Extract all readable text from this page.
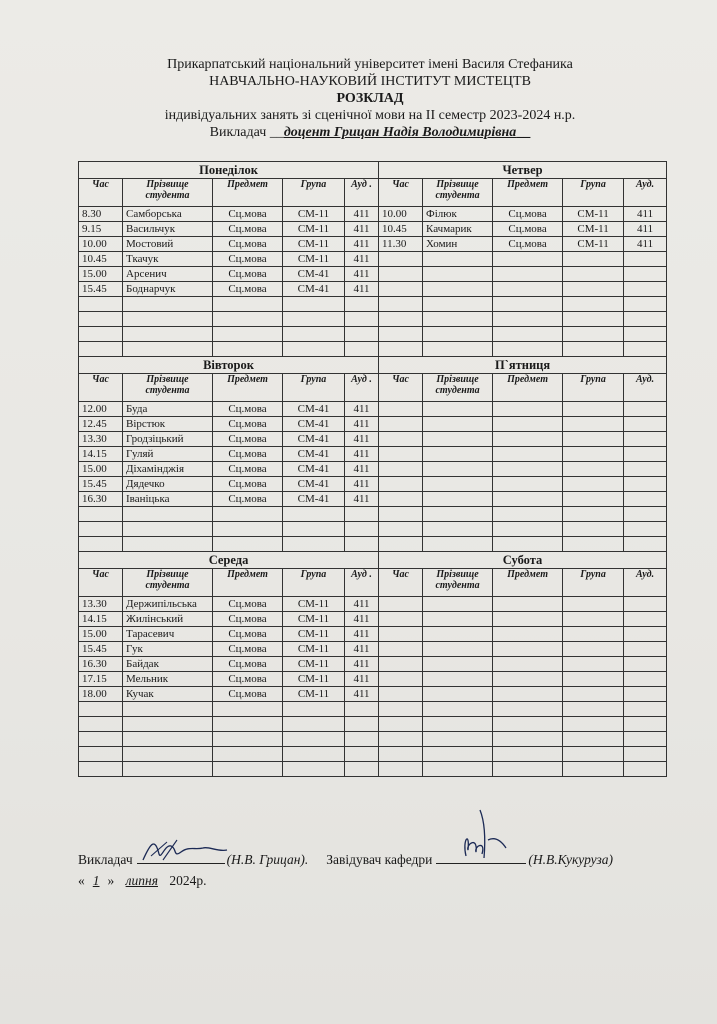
Прикарпатський національний університет імені Василя Стефаника
НАВЧАЛЬНО-НАУКОВИЙ ІНСТИТУТ МИСТЕЦТВ
РОЗКЛАД
індивідуальних занять зі сценічної мови на ІІ семестр 2023-2024 н.р.
Викладач __доцент Грицан Надія Володимирівна__
Понеділок					Четвер				
Час	Прізвище студента	Предмет	Група	Ауд .	Час	Прізвище студента	Предмет	Група	Ауд.
8.30	Самборська	Сц.мова	СМ-11	411	10.00	Філюк	Сц.мова	СМ-11	411
9.15	Васильчук	Сц.мова	СМ-11	411	10.45	Качмарик	Сц.мова	СМ-11	411
10.00	Мостовий	Сц.мова	СМ-11	411	11.30	Хомин	Сц.мова	СМ-11	411
10.45	Ткачук	Сц.мова	СМ-11	411					
15.00	Арсенич	Сц.мова	СМ-41	411					
15.45	Боднарчук	Сц.мова	СМ-41	411					

Вівторок					П`ятниця				
Час	Прізвище студента	Предмет	Група	Ауд .	Час	Прізвище студента	Предмет	Група	Ауд.
12.00	Буда	Сц.мова	СМ-41	411					
12.45	Вірстюк	Сц.мова	СМ-41	411					
13.30	Гродзіцький	Сц.мова	СМ-41	411					
14.15	Гуляй	Сц.мова	СМ-41	411					
15.00	Діхамінджія	Сц.мова	СМ-41	411					
15.45	Дядечко	Сц.мова	СМ-41	411					
16.30	Іваніцька	Сц.мова	СМ-41	411					

Середа					Субота				
Час	Прізвище студента	Предмет	Група	Ауд .	Час	Прізвище студента	Предмет	Група	Ауд.
13.30	Держипільська	Сц.мова	СМ-11	411					
14.15	Жилінський	Сц.мова	СМ-11	411					
15.00	Тарасевич	Сц.мова	СМ-11	411					
15.45	Гук	Сц.мова	СМ-11	411					
16.30	Байдак	Сц.мова	СМ-11	411					
17.15	Мельник	Сц.мова	СМ-11	411					
18.00	Кучак	Сц.мова	СМ-11	411					

Викладач	(Н.В. Грицан). Завідувач кафедри	(Н.В.Кукуруза)
« 1 » липня 2024р.
